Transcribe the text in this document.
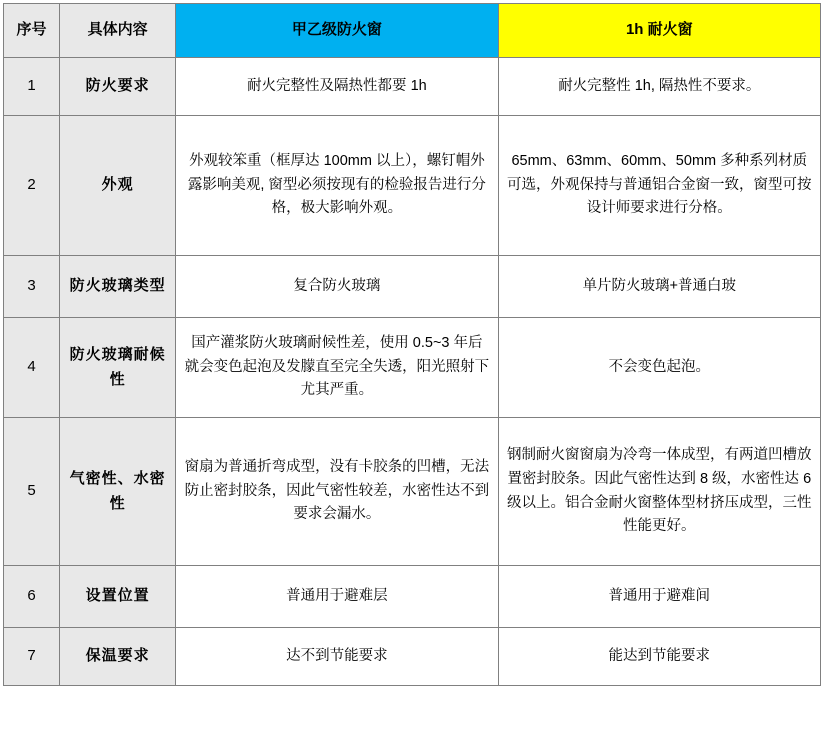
序号	具体内容	甲乙级防火窗	1h 耐火窗
1	防火要求	耐火完整性及隔热性都要 1h	耐火完整性 1h, 隔热性不要求。
2	外观	外观较笨重（框厚达 100mm 以上），螺钉帽外露影响美观, 窗型必须按现有的检验报告进行分格，极大影响外观。	65mm、63mm、60mm、50mm 多种系列材质可选，外观保持与普通铝合金窗一致，窗型可按设计师要求进行分格。
3	防火玻璃类型	复合防火玻璃	单片防火玻璃+普通白玻
4	防火玻璃耐候性	国产灌浆防火玻璃耐候性差，使用 0.5~3 年后就会变色起泡及发朦直至完全失透，阳光照射下尤其严重。	不会变色起泡。
5	气密性、水密性	窗扇为普通折弯成型，没有卡胶条的凹槽，无法防止密封胶条，因此气密性较差，水密性达不到要求会漏水。	钢制耐火窗窗扇为冷弯一体成型，有两道凹槽放置密封胶条。因此气密性达到 8 级，水密性达 6 级以上。铝合金耐火窗整体型材挤压成型，三性性能更好。
6	设置位置	普通用于避难层	普通用于避难间
7	保温要求	达不到节能要求	能达到节能要求
